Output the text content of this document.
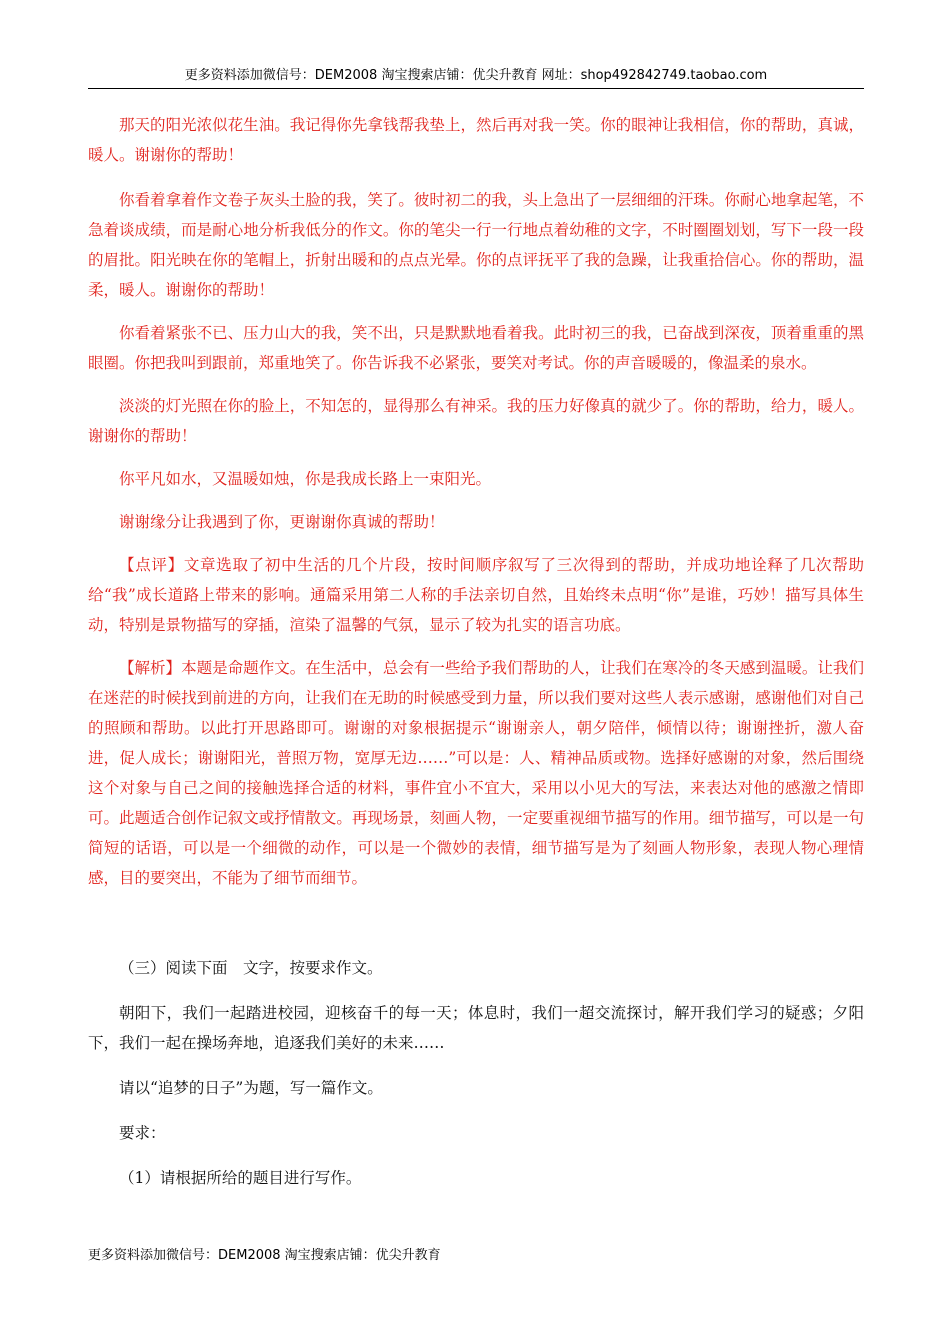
更多资料添加微信号：DEM2008 淘宝搜索店铺：优尖升教育 网址：shop492842749.taobao.com

那天的阳光浓似花生油。我记得你先拿钱帮我垫上，然后再对我一笑。你的眼神让我相信，你的帮助，真诚，暖人。谢谢你的帮助！

你看着拿着作文卷子灰头土脸的我，笑了。彼时初二的我，头上急出了一层细细的汗珠。你耐心地拿起笔，不急着谈成绩，而是耐心地分析我低分的作文。你的笔尖一行一行地点着幼稚的文字，不时圈圈划划，写下一段一段的眉批。阳光映在你的笔帽上，折射出暖和的点点光晕。你的点评抚平了我的急躁，让我重拾信心。你的帮助，温柔，暖人。谢谢你的帮助！

你看着紧张不已、压力山大的我，笑不出，只是默默地看着我。此时初三的我，已奋战到深夜，顶着重重的黑眼圈。你把我叫到跟前，郑重地笑了。你告诉我不必紧张，要笑对考试。你的声音暖暖的，像温柔的泉水。

淡淡的灯光照在你的脸上，不知怎的，显得那么有神采。我的压力好像真的就少了。你的帮助，给力，暖人。谢谢你的帮助！

你平凡如水，又温暖如烛，你是我成长路上一束阳光。

谢谢缘分让我遇到了你，更谢谢你真诚的帮助！

【点评】文章选取了初中生活的几个片段，按时间顺序叙写了三次得到的帮助，并成功地诠释了几次帮助给“我”成长道路上带来的影响。通篇采用第二人称的手法亲切自然，且始终未点明“你”是谁，巧妙！描写具体生动，特别是景物描写的穿插，渲染了温馨的气氛，显示了较为扎实的语言功底。

【解析】本题是命题作文。在生活中，总会有一些给予我们帮助的人，让我们在寒冷的冬天感到温暖。让我们在迷茫的时候找到前进的方向，让我们在无助的时候感受到力量，所以我们要对这些人表示感谢，感谢他们对自己的照顾和帮助。以此打开思路即可。谢谢的对象根据提示“谢谢亲人，朝夕陪伴，倾情以待；谢谢挫折，激人奋进，促人成长；谢谢阳光，普照万物，宽厚无边……”可以是：人、精神品质或物。选择好感谢的对象，然后围绕这个对象与自己之间的接触选择合适的材料，事件宜小不宜大，采用以小见大的写法，来表达对他的感激之情即可。此题适合创作记叙文或抒情散文。再现场景，刻画人物，一定要重视细节描写的作用。细节描写，可以是一句简短的话语，可以是一个细微的动作，可以是一个微妙的表情，细节描写是为了刻画人物形象，表现人物心理情感，目的要突出，不能为了细节而细节。

（三）阅读下面　文字，按要求作文。

朝阳下，我们一起踏进校园，迎核奋千的每一天；体息时，我们一超交流探讨，解开我们学习的疑惑；夕阳下，我们一起在操场奔地，追逐我们美好的未来……

请以“追梦的日子”为题，写一篇作文。

要求：

（1）请根据所给的题目进行写作。

更多资料添加微信号：DEM2008 淘宝搜索店铺：优尖升教育
